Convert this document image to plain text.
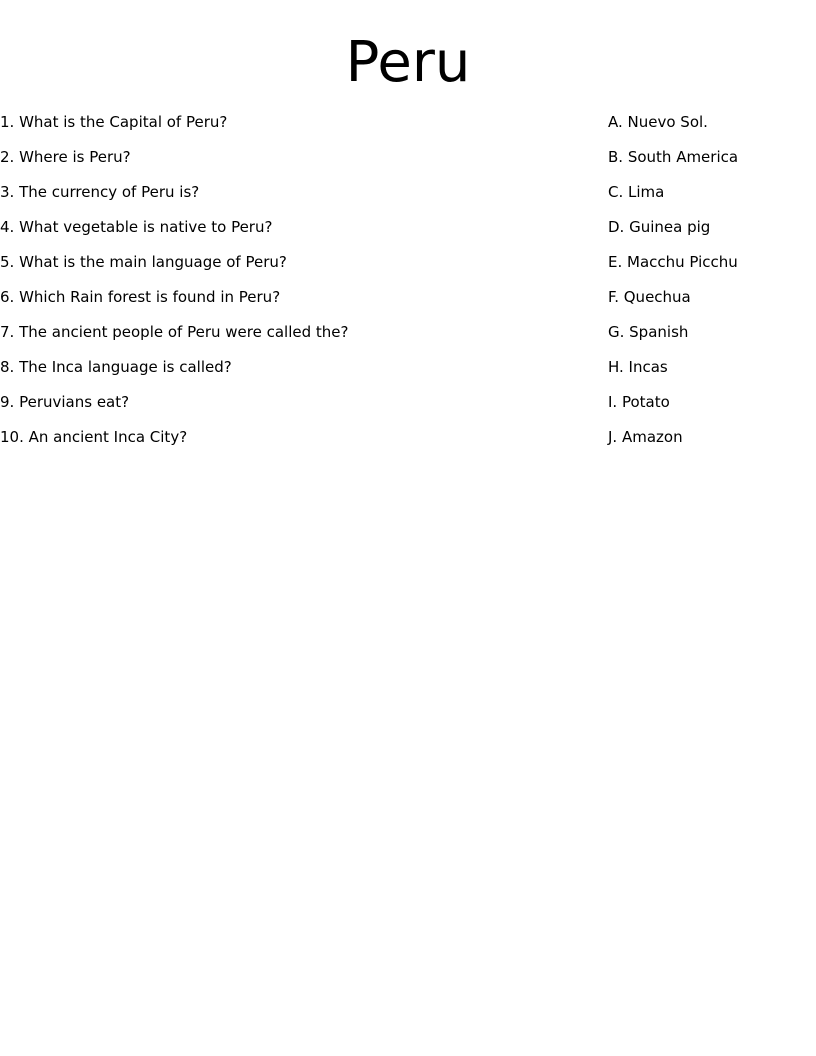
Peru
1. What is the Capital of Peru?
2. Where is Peru?
3. The currency of Peru is?
4. What vegetable is native to Peru?
5. What is the main language of Peru?
6. Which Rain forest is found in Peru?
7. The ancient people of Peru were called the?
8. The Inca language is called?
9. Peruvians eat?
10. An ancient Inca City?
A. Nuevo Sol.
B. South America
C. Lima
D. Guinea pig
E. Macchu Picchu
F. Quechua
G. Spanish
H. Incas
I. Potato
J. Amazon
